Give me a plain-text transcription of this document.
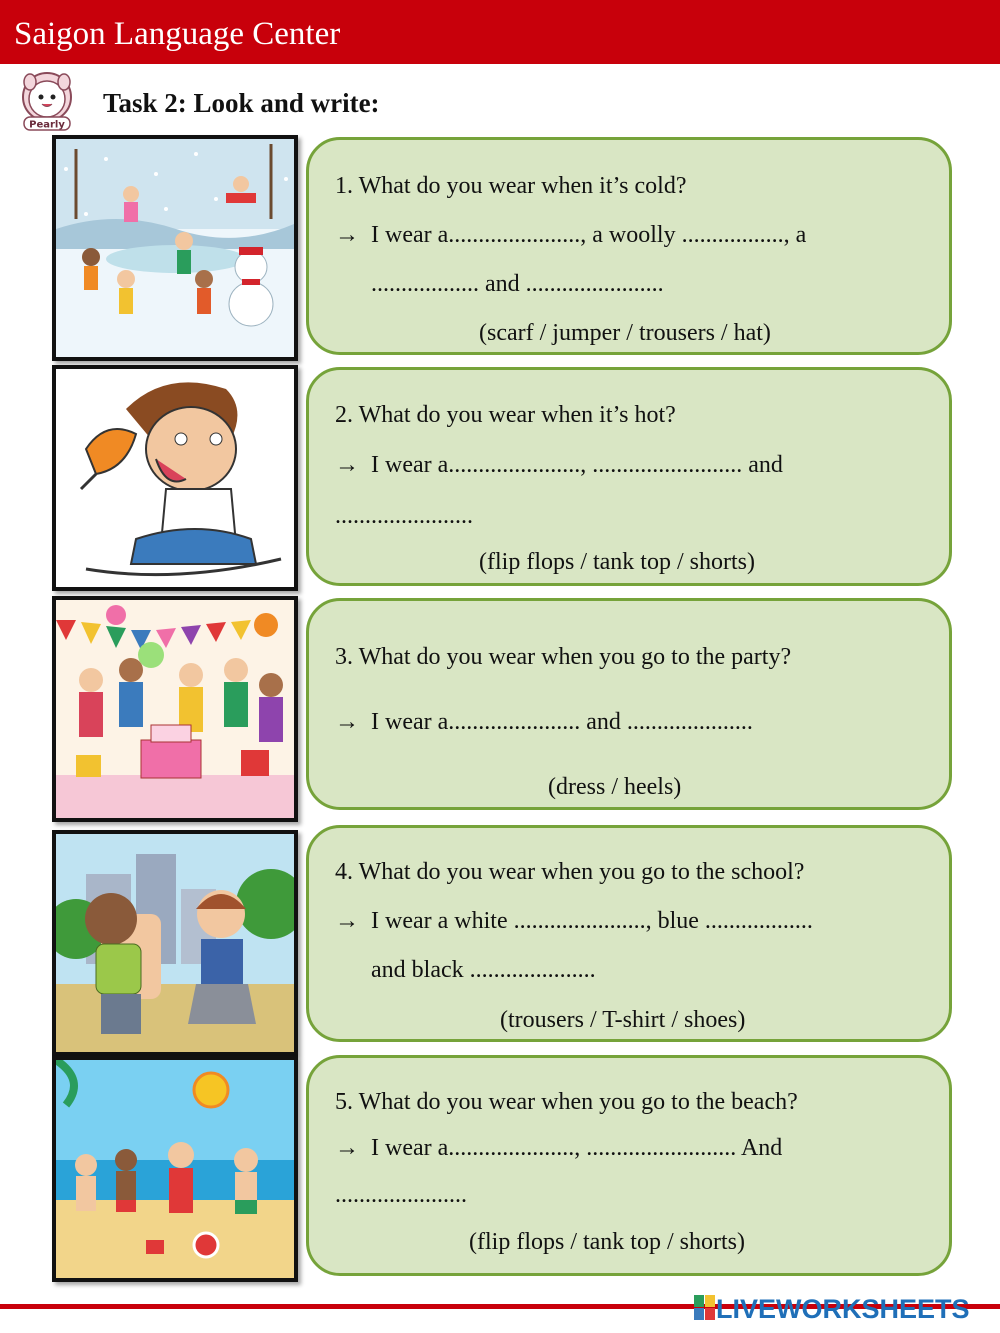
Saigon Language Center
Pearly
Task 2: Look and write:
1. What do you wear when it’s cold?
→ I wear a......................, a woolly ................., a
.................. and .......................
(scarf / jumper / trousers / hat)
2. What do you wear when it’s hot?
→ I wear a......................, ......................... and
.......................
(flip flops / tank top / shorts)
3. What do you wear when you go to the party?
→ I wear a...................... and .....................
(dress / heels)
4. What do you wear when you go to the school?
→ I wear a white ......................, blue ..................
and black .....................
(trousers / T-shirt / shoes)
5. What do you wear when you go to the beach?
→ I wear a....................., ......................... And
......................
(flip flops / tank top / shorts)
LIVEWORKSHEETS
